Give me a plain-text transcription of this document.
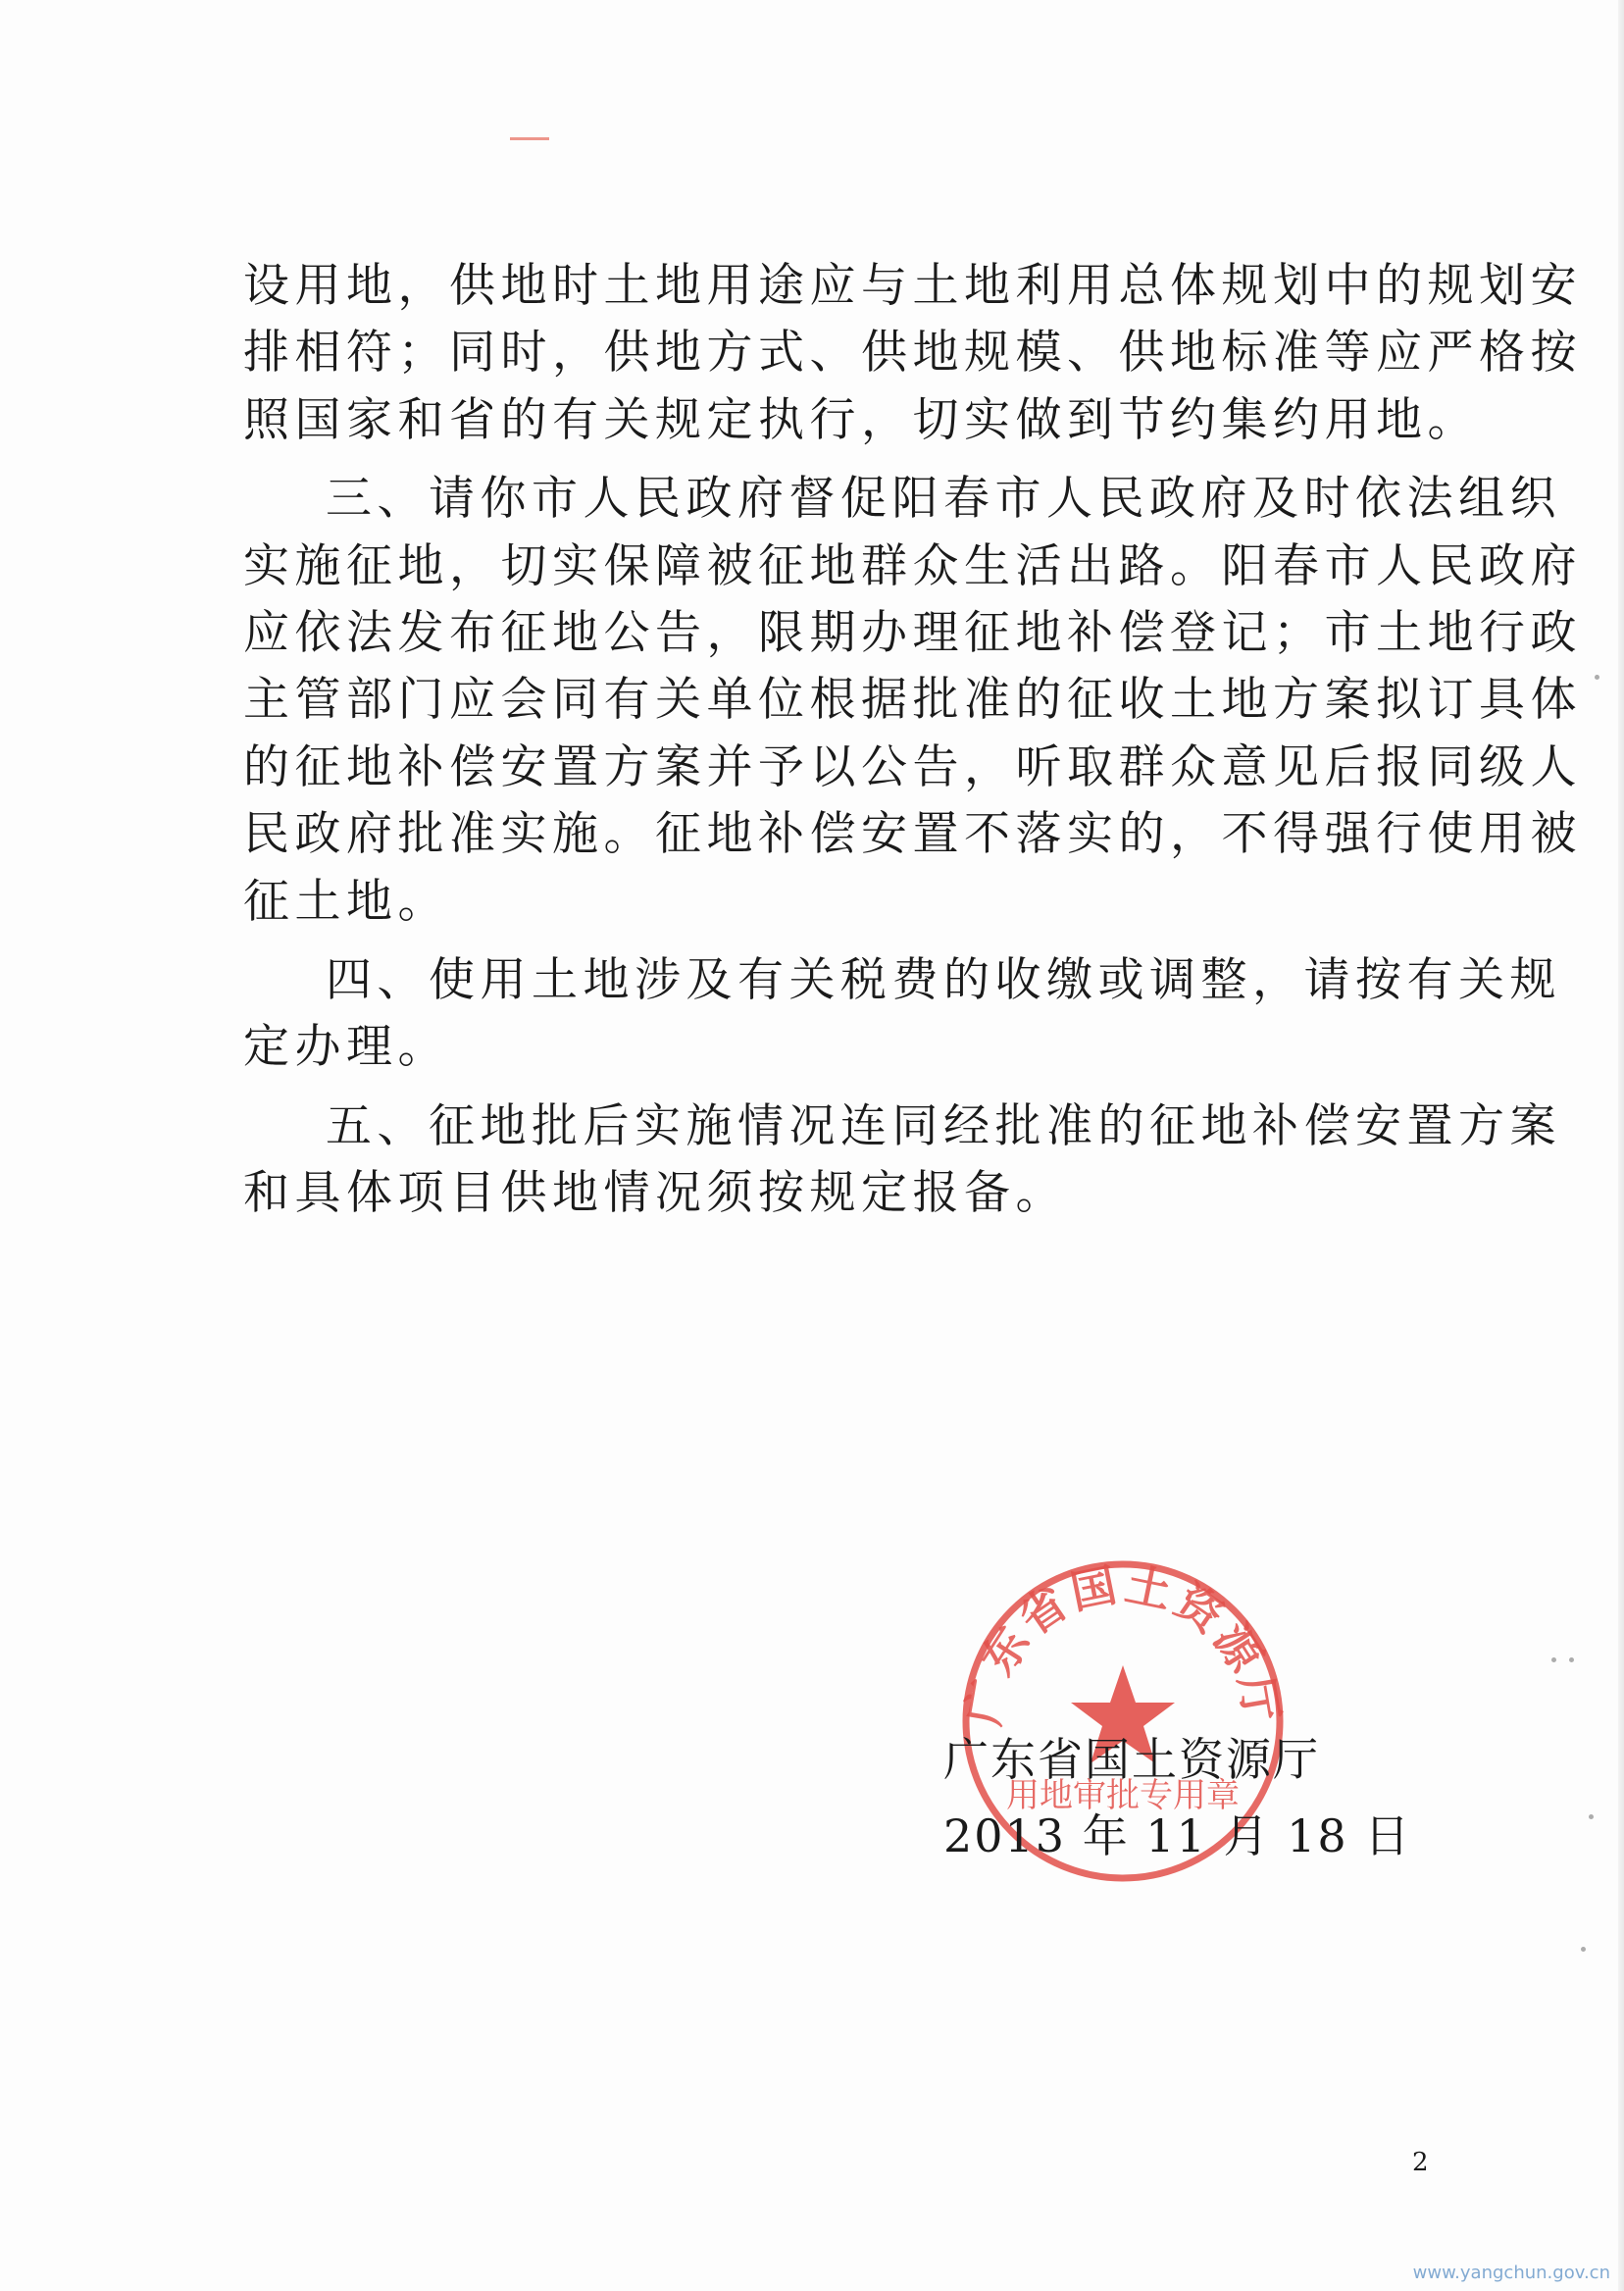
设用地，供地时土地用途应与土地利用总体规划中的规划安
排相符；同时，供地方式、供地规模、供地标准等应严格按
照国家和省的有关规定执行，切实做到节约集约用地。
三、请你市人民政府督促阳春市人民政府及时依法组织
实施征地，切实保障被征地群众生活出路。阳春市人民政府
应依法发布征地公告，限期办理征地补偿登记；市土地行政
主管部门应会同有关单位根据批准的征收土地方案拟订具体
的征地补偿安置方案并予以公告，听取群众意见后报同级人
民政府批准实施。征地补偿安置不落实的，不得强行使用被
征土地。
四、使用土地涉及有关税费的收缴或调整，请按有关规
定办理。
五、征地批后实施情况连同经批准的征地补偿安置方案
和具体项目供地情况须按规定报备。
广东省国土资源厅
用地审批专用章
广东省国土资源厅
2013 年 11 月 18 日
2
www.yangchun.gov.cn
